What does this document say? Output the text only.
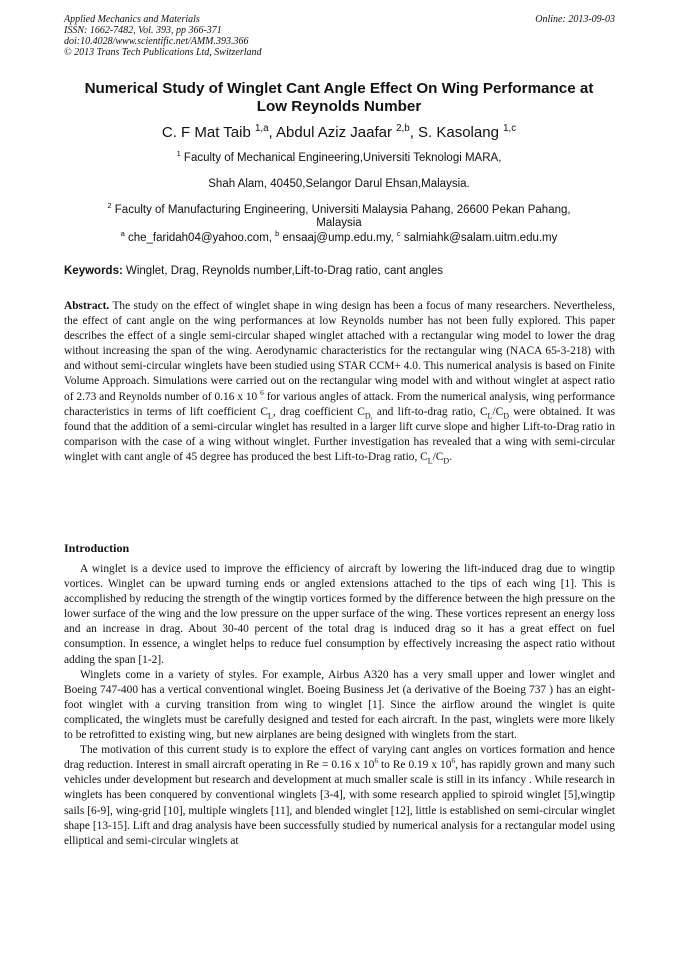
Applied Mechanics and Materials
ISSN: 1662-7482, Vol. 393, pp 366-371
doi:10.4028/www.scientific.net/AMM.393.366
© 2013 Trans Tech Publications Ltd, Switzerland
Online: 2013-09-03
Numerical Study of Winglet Cant Angle Effect On Wing Performance at
Low Reynolds Number
C. F Mat Taib $^{1,a}$, Abdul Aziz Jaafar $^{2,b}$, S. Kasolang $^{1,c}$
$^1$ Faculty of Mechanical Engineering,Universiti Teknologi MARA,
Shah Alam, 40450,Selangor Darul Ehsan,Malaysia.
$^2$ Faculty of Manufacturing Engineering, Universiti Malaysia Pahang, 26600 Pekan Pahang,
Malaysia
$^a$ che_faridah04@yahoo.com, $^b$ ensaaj@ump.edu.my, $^c$ salmiahk@salam.uitm.edu.my
Keywords: Winglet, Drag, Reynolds number,Lift-to-Drag ratio, cant angles

Abstract. The study on the effect of winglet shape in wing design has been a focus of many researchers. Nevertheless, the effect of cant angle on the wing performances at low Reynolds number has not been fully explored. This paper describes the effect of a single semi-circular shaped winglet attached with a rectangular wing model to lower the drag without increasing the span of the wing. Aerodynamic characteristics for the rectangular wing (NACA 65-3-218) with and without semi-circular winglets have been studied using STAR CCM+ 4.0. This numerical analysis is based on Finite Volume Approach. Simulations were carried out on the rectangular wing model with and without winglet at aspect ratio of 2.73 and Reynolds number of 0.16 x 10 $^6$ for various angles of attack. From the numerical analysis, wing performance characteristics in terms of lift coefficient $C_L$, drag coefficient $C_{D,}$ and lift-to-drag ratio, $C_L/C_D$ were obtained. It was found that the addition of a semi-circular winglet has resulted in a larger lift curve slope and higher Lift-to-Drag ratio in comparison with the case of a wing without winglet. Further investigation has revealed that a wing with semi-circular winglet with cant angle of 45 degree has produced the best Lift-to-Drag ratio, $C_L/C_D$.

Introduction

A winglet is a device used to improve the efficiency of aircraft by lowering the lift-induced drag due to wingtip vortices. Winglet can be upward turning ends or angled extensions attached to the tips of each wing [1]. This is accomplished by reducing the strength of the wingtip vortices formed by the difference between the high pressure on the lower surface of the wing and the low pressure on the upper surface of the wing. These vortices represent an energy loss and an increase in drag. About 30-40 percent of the total drag is induced drag so it has a great effect on fuel consumption. In essence, a winglet helps to reduce fuel consumption by effectively increasing the aspect ratio without adding the span [1-2].

Winglets come in a variety of styles. For example, Airbus A320 has a very small upper and lower winglet and Boeing 747-400 has a vertical conventional winglet. Boeing Business Jet (a derivative of the Boeing 737 ) has an eight-foot winglet with a curving transition from wing to winglet [1]. Since the airflow around the winglet is quite complicated, the winglets must be carefully designed and tested for each aircraft. In the past, winglets were more likely to be retrofitted to existing wing, but new airplanes are being designed with winglets from the start.

The motivation of this current study is to explore the effect of varying cant angles on vortices formation and hence drag reduction. Interest in small aircraft operating in Re = 0.16 x $10^6$ to Re 0.19 x $10^6$, has rapidly grown and many such vehicles under development but research and development at much smaller scale is still in its infancy . While research in winglets has been conquered by conventional winglets [3-4], with some research applied to spiroid winglet [5],wingtip sails [6-9], wing-grid [10], multiple winglets [11], and blended winglet [12], little is established on semi-circular winglet shape [13-15]. Lift and drag analysis have been successfully studied by numerical analysis for a rectangular model using elliptical and semi-circular winglets at
